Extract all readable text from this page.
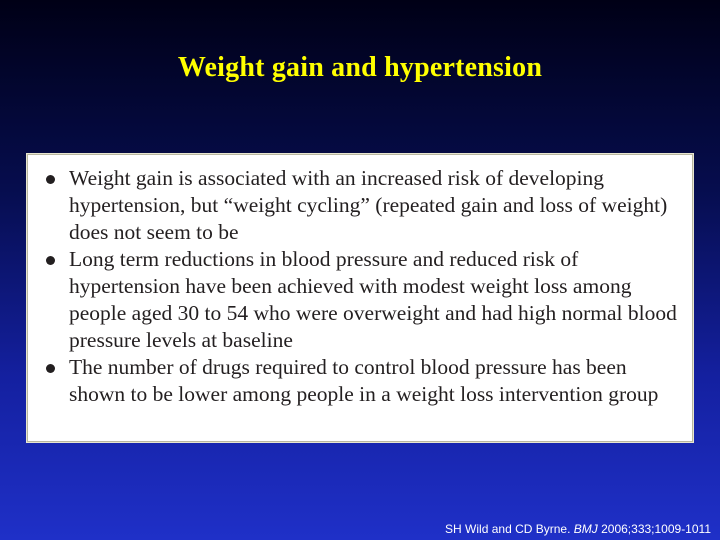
Weight gain and hypertension
Weight gain is associated with an increased risk of developing hypertension, but “weight cycling” (repeated gain and loss of weight) does not seem to be
Long term reductions in blood pressure and reduced risk of hypertension have been achieved with modest weight loss among people aged 30 to 54 who were overweight and had high normal blood pressure levels at baseline
The number of drugs required to control blood pressure has been shown to be lower among people in a weight loss intervention group
SH Wild and CD Byrne. BMJ 2006;333;1009-1011
